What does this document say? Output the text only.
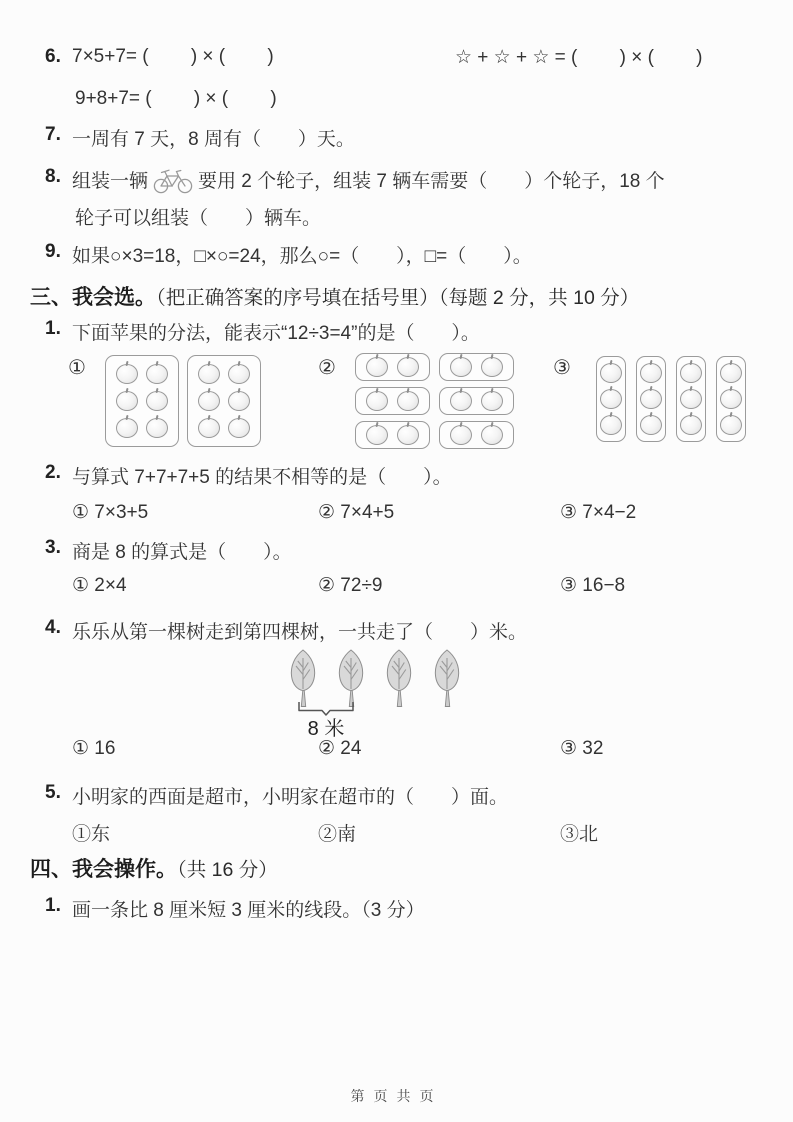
6. 7×5+7= (        ) × (        )	☆ + ☆ + ☆ = (        ) × (        )
9+8+7= (        ) × (        )
7. 一周有 7 天，8 周有（       ）天。
8. 组装一辆	要用 2 个轮子，组装 7 辆车需要（       ）个轮子，18 个
轮子可以组装（       ）辆车。
9. 如果○×3=18，□×○=24，那么○=（       ），□=（       ）。
三、我会选。（把正确答案的序号填在括号里）（每题 2 分，共 10 分）
1. 下面苹果的分法，能表示“12÷3=4”的是（       ）。
①	②	③
2. 与算式 7+7+7+5 的结果不相等的是（       ）。
① 7×3+5	② 7×4+5	③ 7×4−2
3. 商是 8 的算式是（       ）。
① 2×4	② 72÷9	③ 16−8
4. 乐乐从第一棵树走到第四棵树，一共走了（       ）米。
8 米
① 16	② 24	③ 32
5. 小明家的西面是超市，小明家在超市的（       ）面。
①东	②南	③北
四、我会操作。（共 16 分）
1. 画一条比 8 厘米短 3 厘米的线段。（3 分）
第页共页
